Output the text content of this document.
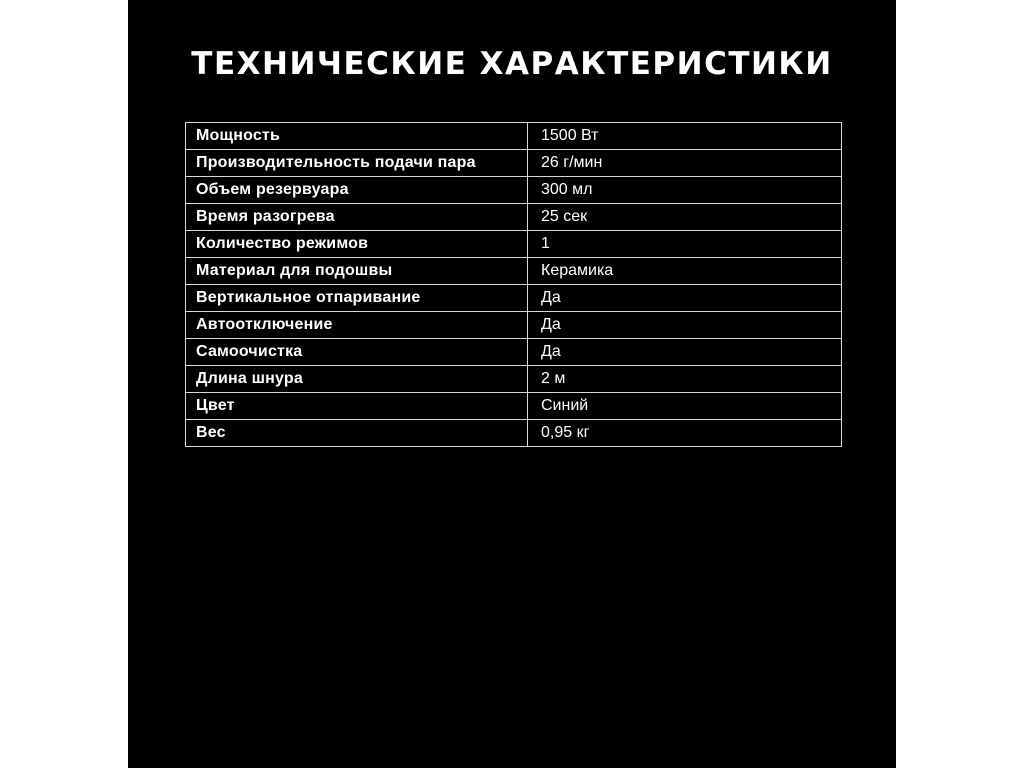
ТЕХНИЧЕСКИЕ ХАРАКТЕРИСТИКИ
Мощность	1500 Вт
Производительность подачи пара	26 г/мин
Объем резервуара	300 мл
Время разогрева	25 сек
Количество режимов	1
Материал для подошвы	Керамика
Вертикальное отпаривание	Да
Автоотключение	Да
Самоочистка	Да
Длина шнура	2 м
Цвет	Синий
Вес	0,95 кг
